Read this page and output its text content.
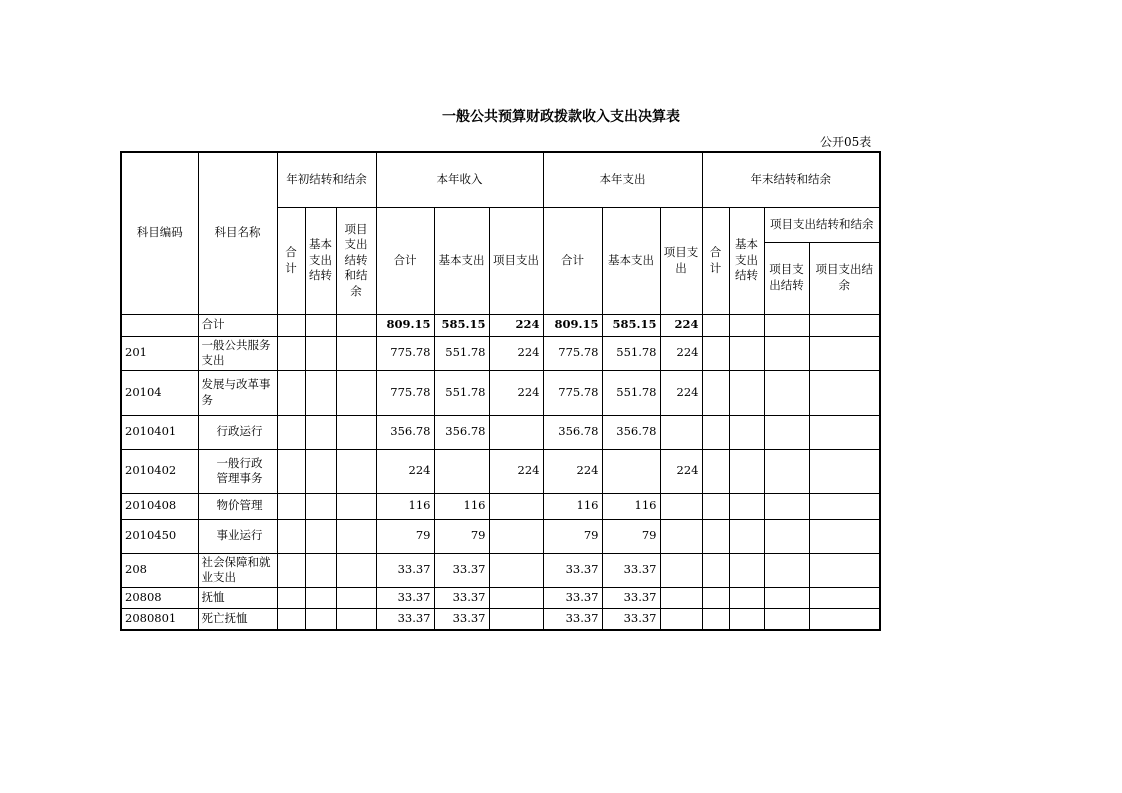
一般公共预算财政拨款收入支出决算表
公开05表
科目编码	科目名称	年初结转和结余			本年收入			本年支出			年末结转和结余			
		合计	基本支出结转	项目支出结转和结余	合计	基本支出	项目支出	合计	基本支出	项目支出	合计	基本支出结转	项目支出结转和结余	
													项目支出结转	项目支出结余
	合计				809.15	585.15	224	809.15	585.15	224				
201	一般公共服务支出				775.78	551.78	224	775.78	551.78	224				
20104	发展与改革事务				775.78	551.78	224	775.78	551.78	224				
2010401	行政运行				356.78	356.78		356.78	356.78					
2010402	一般行政管理事务				224		224	224		224				
2010408	物价管理				116	116		116	116					
2010450	事业运行				79	79		79	79					
208	社会保障和就业支出				33.37	33.37		33.37	33.37					
20808	抚恤				33.37	33.37		33.37	33.37					
2080801	死亡抚恤				33.37	33.37		33.37	33.37					
